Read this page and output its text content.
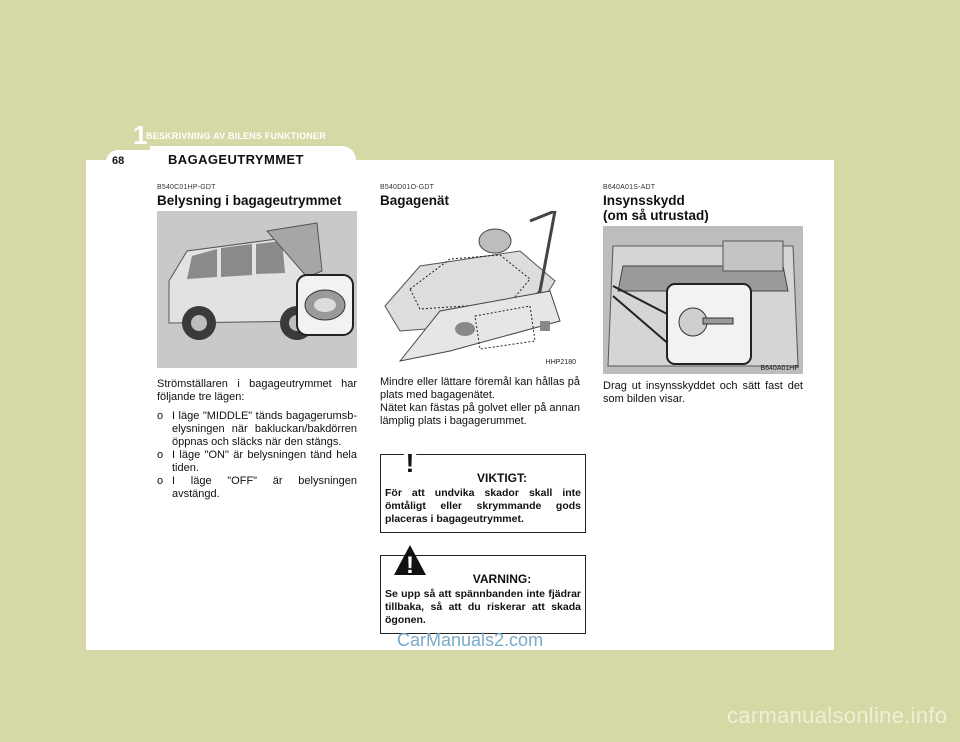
1
BESKRIVNING AV BILENS FUNKTIONER
68	BAGAGEUTRYMMET
B540C01HP-GDT
Belysning i bagageutrymmet
Strömställaren i bagageutrymmet har följande tre lägen:
o I läge "MIDDLE" tänds bagagerumsb-elysningen när bakluckan/bakdörren öppnas och släcks när den stängs.
o I läge "ON" är belysningen tänd hela tiden.
o I läge "OFF" är belysningen avstängd.
B540D01O-GDT
Bagagenät
HHP2180
Mindre eller lättare föremål kan hållas på plats med bagagenätet.
Nätet kan fästas på golvet eller på annan lämplig plats i bagagerummet.
!	VIKTIGT:
För att undvika skador skall inte ömtåligt eller skrymmande gods placeras i bagageutrymmet.
!	VARNING:
Se upp så att spännbanden inte fjädrar tillbaka, så att du riskerar att skada ögonen.
B640A01S-ADT
Insynsskydd
(om så utrustad)
B640A01HP
Drag ut insynsskyddet och sätt fast det som bilden visar.
CarManuals2.com
carmanualsonline.info
